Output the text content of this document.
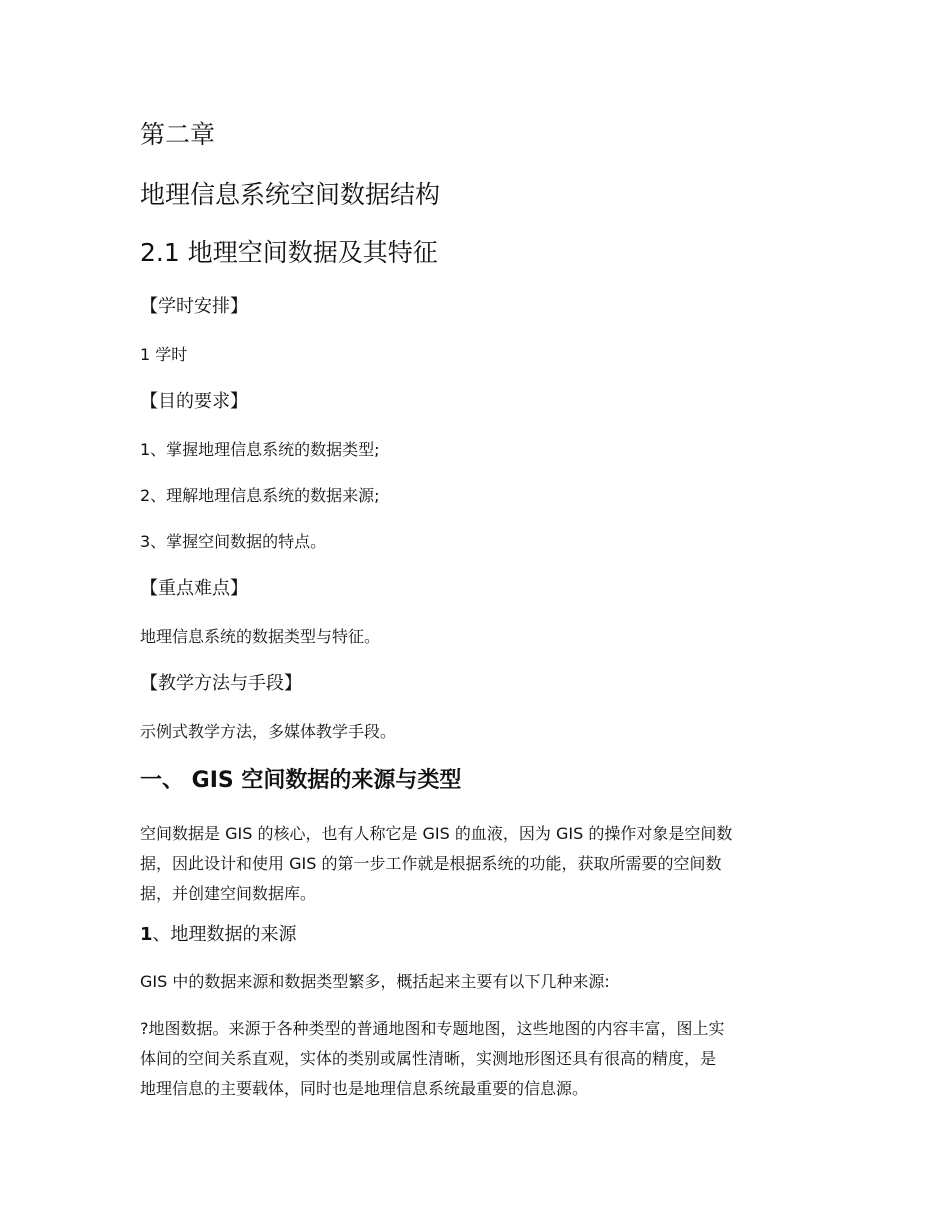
第二章
地理信息系统空间数据结构
2.1 地理空间数据及其特征
【学时安排】
1 学时
【目的要求】
1、掌握地理信息系统的数据类型;
2、理解地理信息系统的数据来源;
3、掌握空间数据的特点。
【重点难点】
地理信息系统的数据类型与特征。
【教学方法与手段】
示例式教学方法，多媒体教学手段。
一、 GIS 空间数据的来源与类型
空间数据是 GIS 的核心，也有人称它是 GIS 的血液，因为 GIS 的操作对象是空间数
据，因此设计和使用 GIS 的第一步工作就是根据系统的功能，获取所需要的空间数
据，并创建空间数据库。
1、地理数据的来源
GIS 中的数据来源和数据类型繁多，概括起来主要有以下几种来源:
?地图数据。来源于各种类型的普通地图和专题地图，这些地图的内容丰富，图上实
体间的空间关系直观，实体的类别或属性清晰，实测地形图还具有很高的精度，是
地理信息的主要载体，同时也是地理信息系统最重要的信息源。
